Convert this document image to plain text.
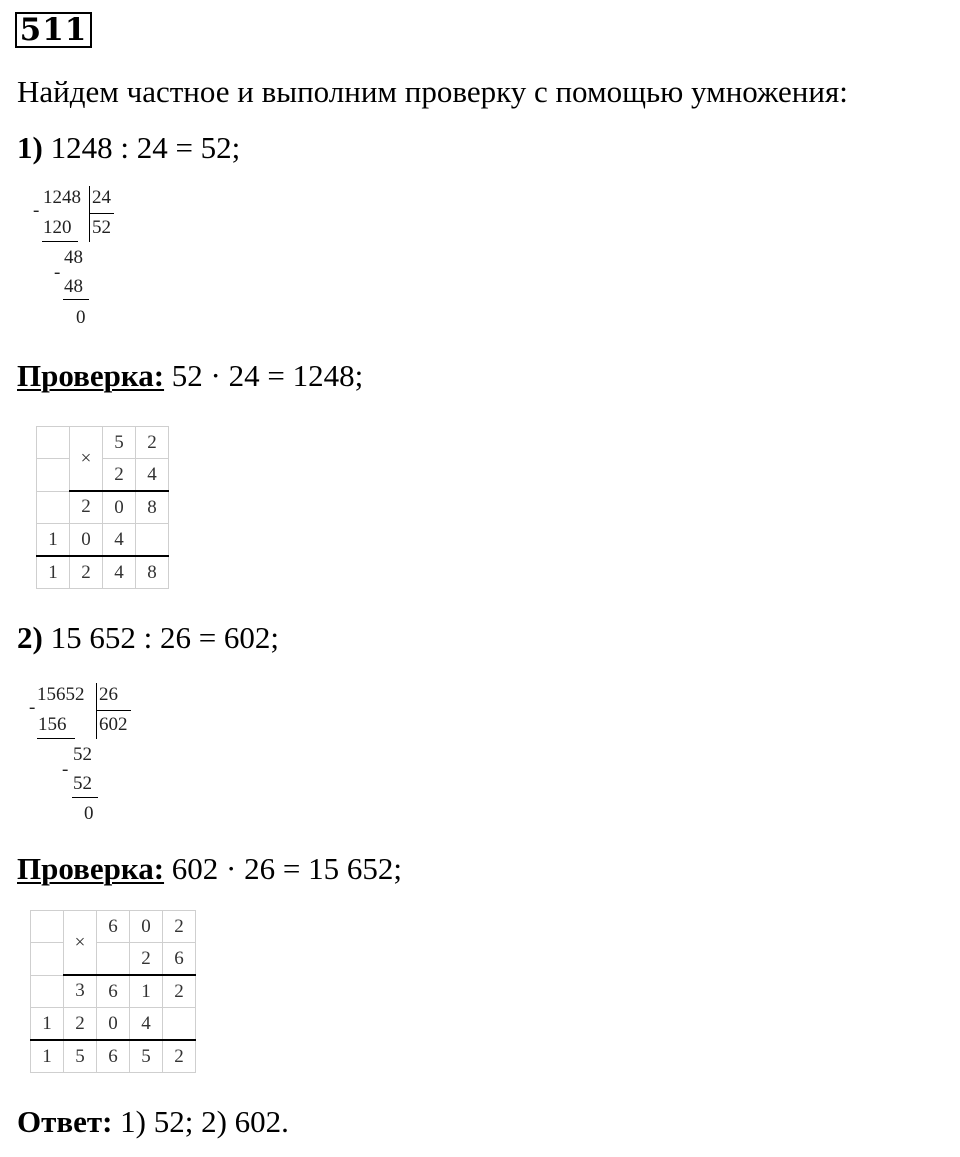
511
Найдем частное и выполним проверку с помощью умножения:
1) 1248 : 24 = 52;
1248 24
52
-
120
48
-
48
0
Проверка: 52 · 24 = 1248;
	×	5	2
		2	4
	2	0	8
1	0	4	
1	2	4	8
2) 15 652 : 26 = 602;
15652 26
602
-
156
52
-
52
0
Проверка: 602 · 26 = 15 652;
	×	6	0	2
			2	6
	3	6	1	2
1	2	0	4	
1	5	6	5	2
Ответ: 1) 52; 2) 602.
